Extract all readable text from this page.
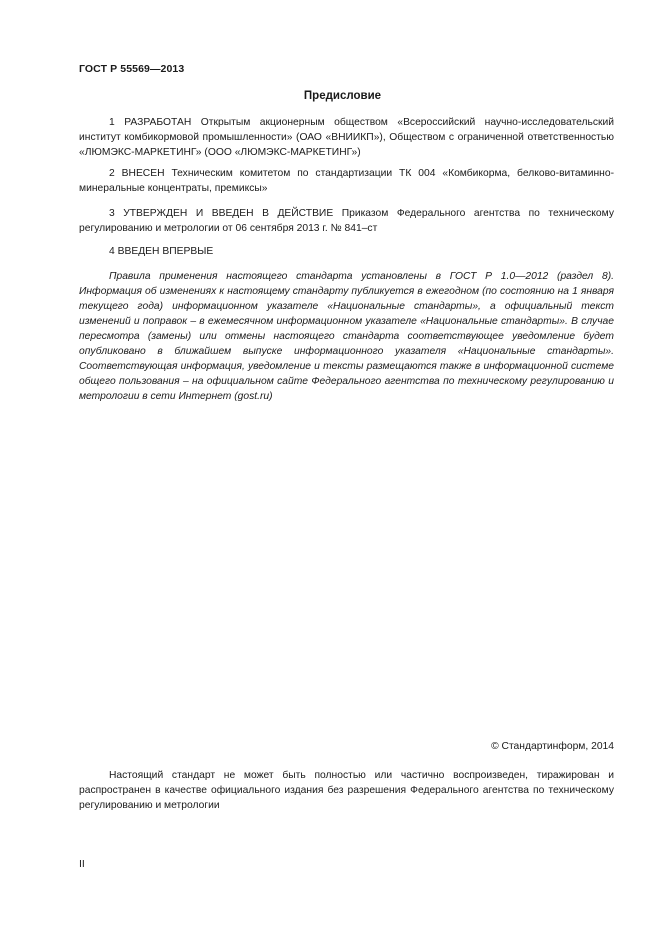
ГОСТ Р 55569—2013
Предисловие

1 РАЗРАБОТАН Открытым акционерным обществом «Всероссийский научно-исследовательский институт комбикормовой промышленности» (ОАО «ВНИИКП»), Обществом с ограниченной ответственностью «ЛЮМЭКС-МАРКЕТИНГ» (ООО «ЛЮМЭКС-МАРКЕТИНГ»)

2 ВНЕСЕН Техническим комитетом по стандартизации ТК 004 «Комбикорма, белково-витаминно-минеральные концентраты, премиксы»

3 УТВЕРЖДЕН И ВВЕДЕН В ДЕЙСТВИЕ Приказом Федерального агентства по техническому регулированию и метрологии от 06 сентября 2013 г. № 841–ст

4 ВВЕДЕН ВПЕРВЫЕ

Правила применения настоящего стандарта установлены в ГОСТ Р 1.0—2012 (раздел 8). Информация об изменениях к настоящему стандарту публикуется в ежегодном (по состоянию на 1 января текущего года) информационном указателе «Национальные стандарты», а официальный текст изменений и поправок – в ежемесячном информационном указателе «Национальные стандарты». В случае пересмотра (замены) или отмены настоящего стандарта соответствующее уведомление будет опубликовано в ближайшем выпуске информационного указателя «Национальные стандарты». Соответствующая информация, уведомление и тексты размещаются также в информационной системе общего пользования – на официальном сайте Федерального агентства по техническому регулированию и метрологии в сети Интернет (gost.ru)

© Стандартинформ, 2014

Настоящий стандарт не может быть полностью или частично воспроизведен, тиражирован и распространен в качестве официального издания без разрешения Федерального агентства по техническому регулированию и метрологии

II
